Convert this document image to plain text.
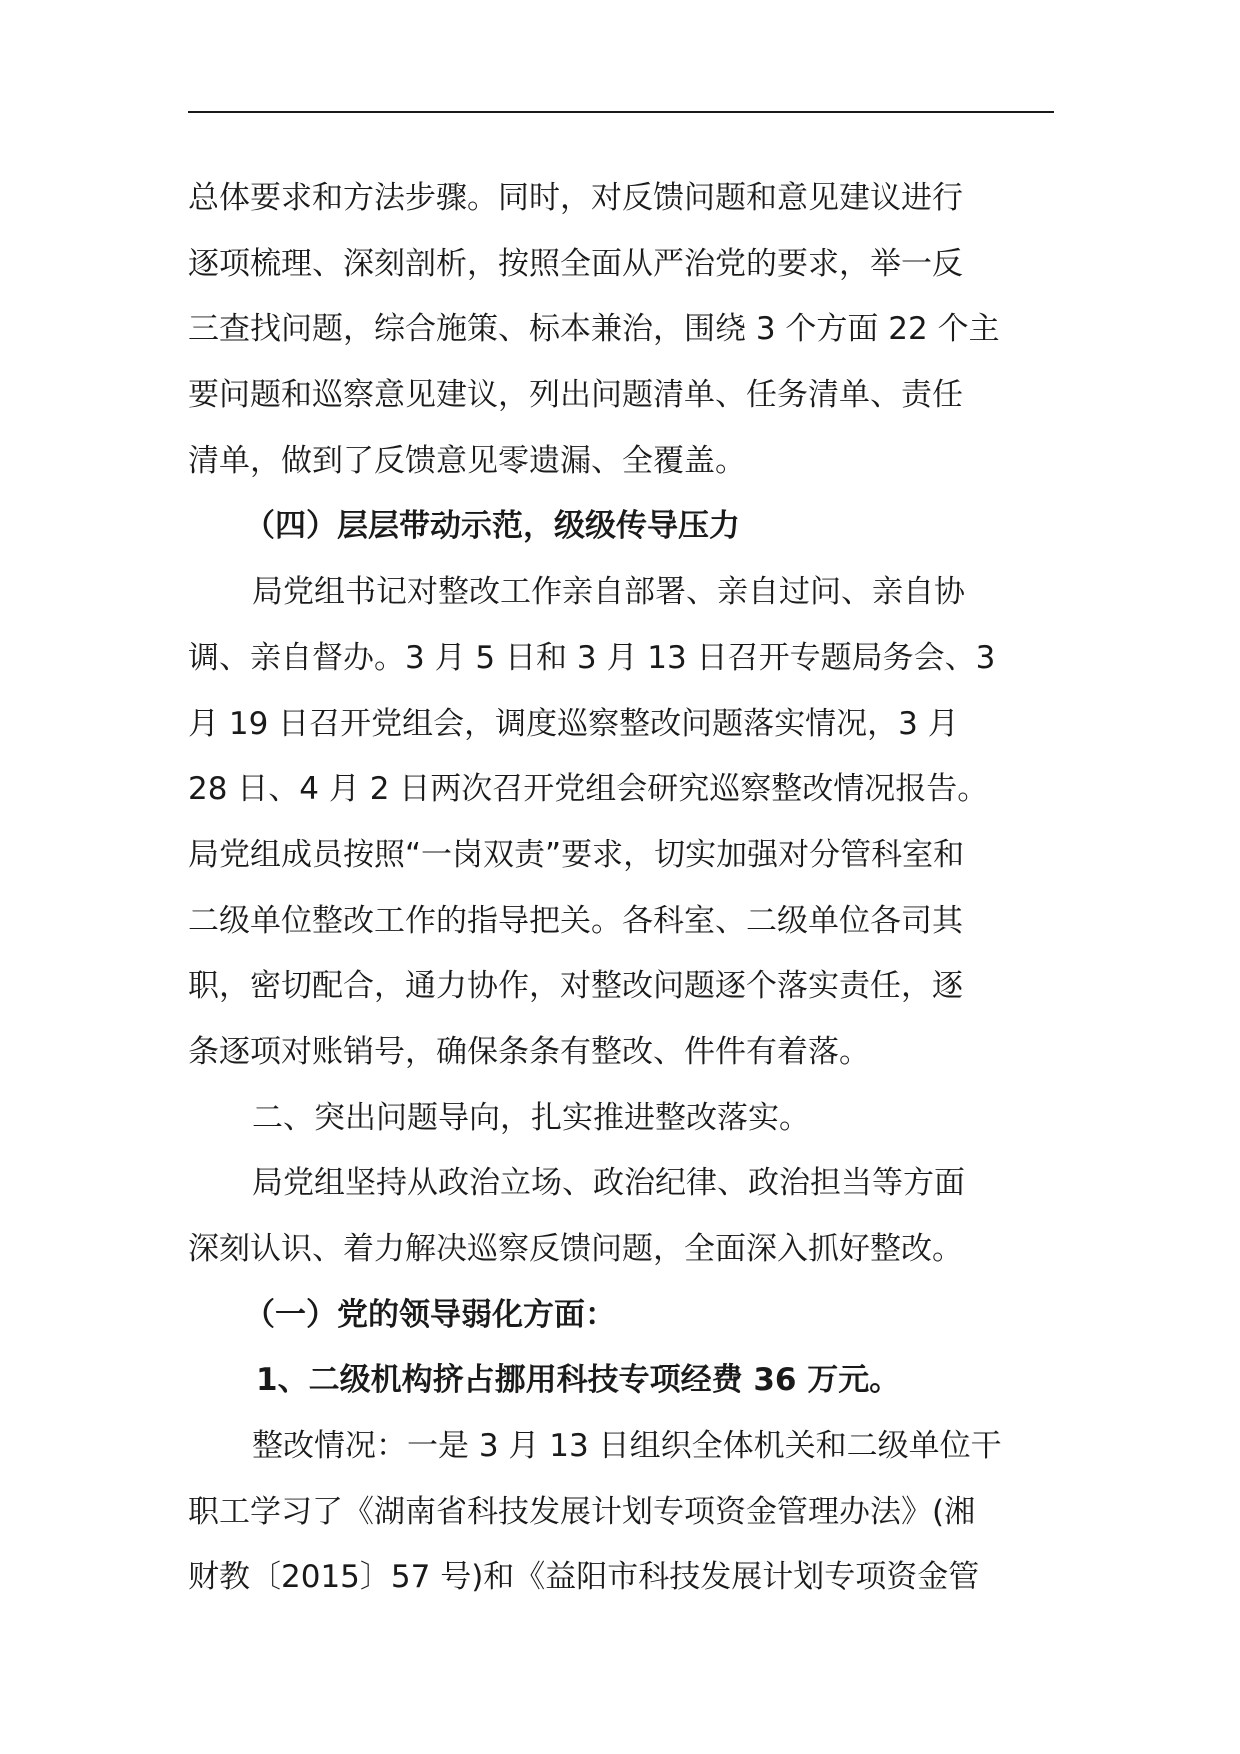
总体要求和方法步骤。同时，对反馈问题和意见建议进行
逐项梳理、深刻剖析，按照全面从严治党的要求，举一反
三查找问题，综合施策、标本兼治，围绕 3 个方面 22 个主
要问题和巡察意见建议，列出问题清单、任务清单、责任
清单，做到了反馈意见零遗漏、全覆盖。
（四）层层带动示范，级级传导压力
局党组书记对整改工作亲自部署、亲自过问、亲自协
调、亲自督办。3 月 5 日和 3 月 13 日召开专题局务会、3
月 19 日召开党组会，调度巡察整改问题落实情况，3 月
28 日、4 月 2 日两次召开党组会研究巡察整改情况报告。
局党组成员按照“一岗双责”要求，切实加强对分管科室和
二级单位整改工作的指导把关。各科室、二级单位各司其
职，密切配合，通力协作，对整改问题逐个落实责任，逐
条逐项对账销号，确保条条有整改、件件有着落。
二、突出问题导向，扎实推进整改落实。
局党组坚持从政治立场、政治纪律、政治担当等方面
深刻认识、着力解决巡察反馈问题，全面深入抓好整改。
（一）党的领导弱化方面：
1、二级机构挤占挪用科技专项经费 36 万元。
整改情况：一是 3 月 13 日组织全体机关和二级单位干
职工学习了《湖南省科技发展计划专项资金管理办法》(湘
财教〔2015〕57 号)和《益阳市科技发展计划专项资金管
